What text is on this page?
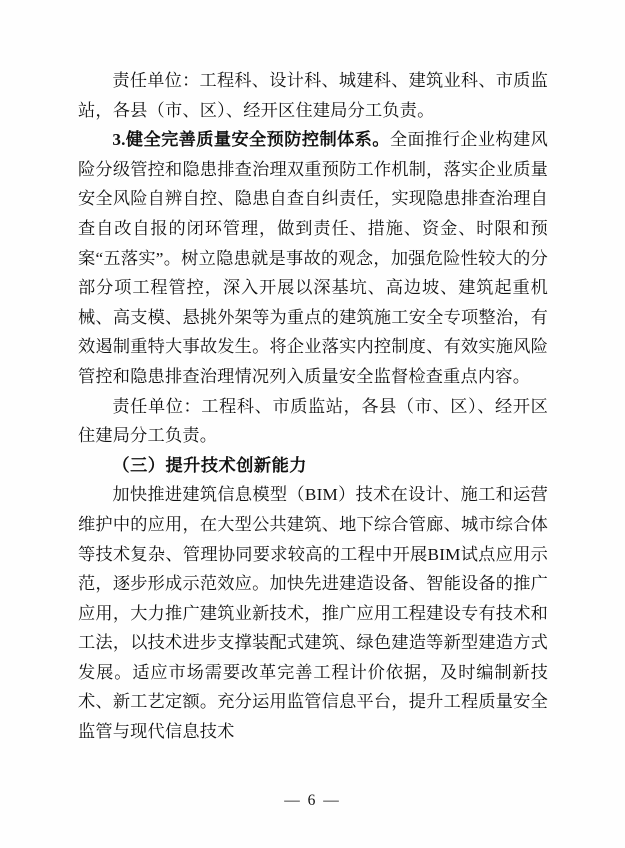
责任单位：工程科、设计科、城建科、建筑业科、市质监站，各县（市、区）、经开区住建局分工负责。

3.健全完善质量安全预防控制体系。全面推行企业构建风险分级管控和隐患排查治理双重预防工作机制，落实企业质量安全风险自辨自控、隐患自查自纠责任，实现隐患排查治理自查自改自报的闭环管理，做到责任、措施、资金、时限和预案“五落实”。树立隐患就是事故的观念，加强危险性较大的分部分项工程管控，深入开展以深基坑、高边坡、建筑起重机械、高支模、悬挑外架等为重点的建筑施工安全专项整治，有效遏制重特大事故发生。将企业落实内控制度、有效实施风险管控和隐患排查治理情况列入质量安全监督检查重点内容。

责任单位：工程科、市质监站，各县（市、区）、经开区住建局分工负责。

（三）提升技术创新能力

加快推进建筑信息模型（BIM）技术在设计、施工和运营维护中的应用，在大型公共建筑、地下综合管廊、城市综合体等技术复杂、管理协同要求较高的工程中开展BIM试点应用示范，逐步形成示范效应。加快先进建造设备、智能设备的推广应用，大力推广建筑业新技术，推广应用工程建设专有技术和工法，以技术进步支撑装配式建筑、绿色建造等新型建造方式发展。适应市场需要改革完善工程计价依据，及时编制新技术、新工艺定额。充分运用监管信息平台，提升工程质量安全监管与现代信息技术

— 6 —
